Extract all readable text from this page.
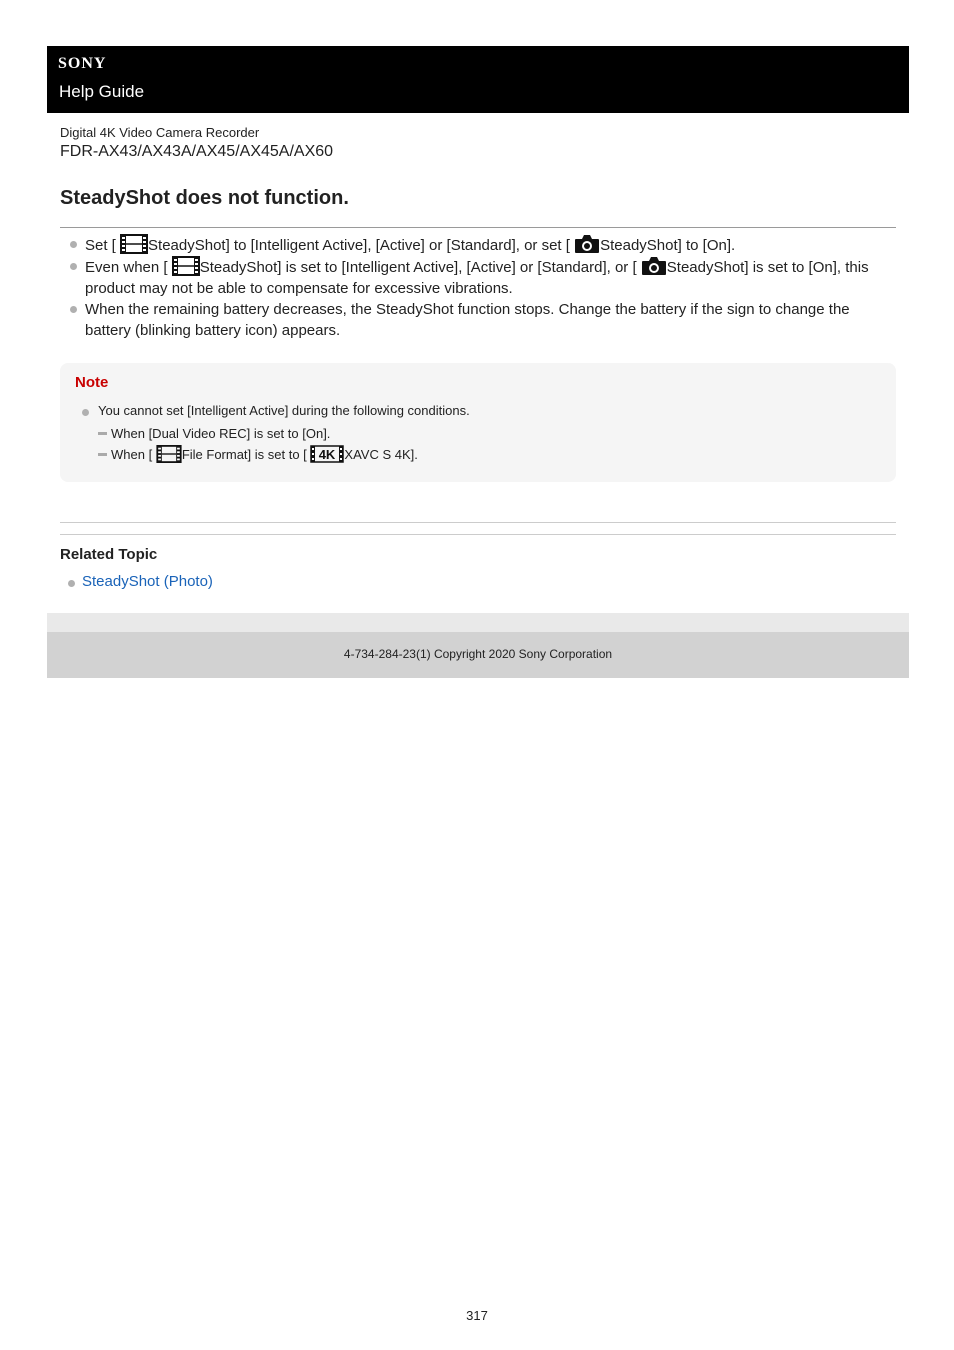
SONY
Help Guide
Digital 4K Video Camera Recorder
FDR-AX43/AX43A/AX45/AX45A/AX60
SteadyShot does not function.
Set [ SteadyShot] to [Intelligent Active], [Active] or [Standard], or set [ SteadyShot] to [On].
Even when [ SteadyShot] is set to [Intelligent Active], [Active] or [Standard], or [ SteadyShot] is set to [On], this product may not be able to compensate for excessive vibrations.
When the remaining battery decreases, the SteadyShot function stops. Change the battery if the sign to change the battery (blinking battery icon) appears.
Note
You cannot set [Intelligent Active] during the following conditions.
When [Dual Video REC] is set to [On].
When [ File Format] is set to [ 4K XAVC S 4K].
Related Topic
SteadyShot (Photo)
4-734-284-23(1) Copyright 2020 Sony Corporation
317
